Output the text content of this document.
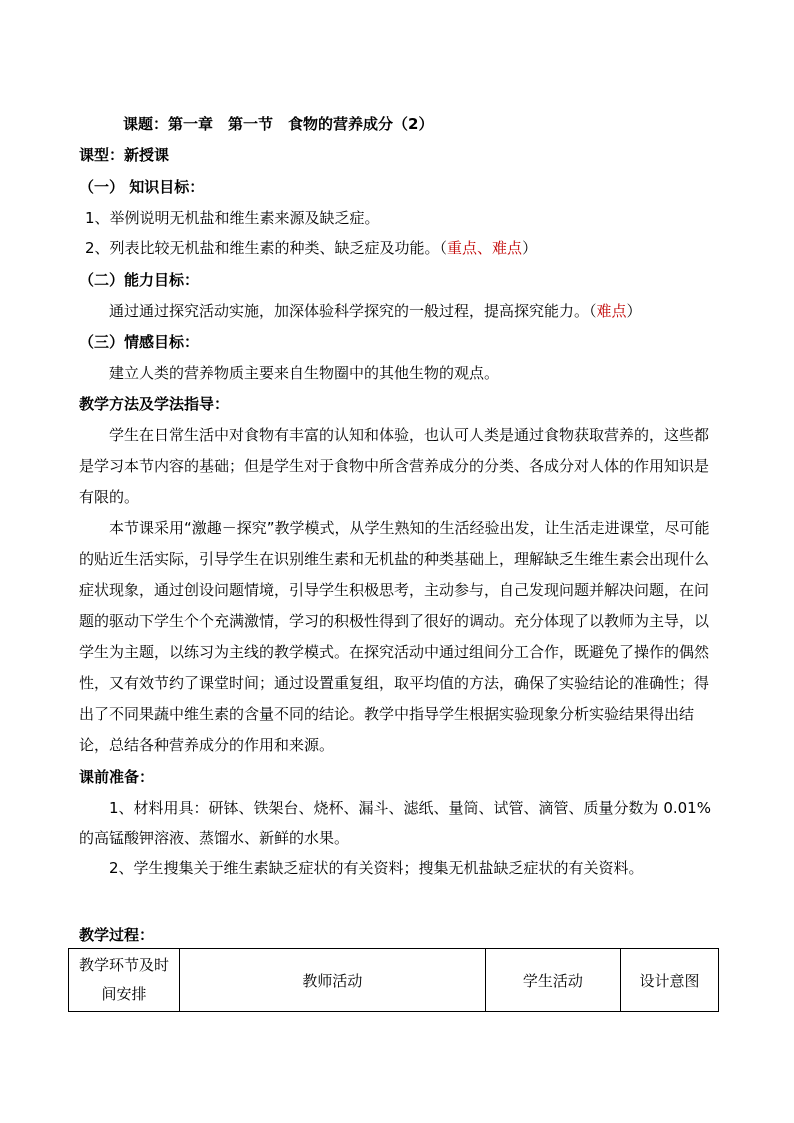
课题：第一章　第一节　食物的营养成分（2）
课型：新授课
（一） 知识目标：
1、举例说明无机盐和维生素来源及缺乏症。
2、列表比较无机盐和维生素的种类、缺乏症及功能。（重点、难点）
（二）能力目标：
通过通过探究活动实施，加深体验科学探究的一般过程，提高探究能力。（难点）
（三）情感目标：
建立人类的营养物质主要来自生物圈中的其他生物的观点。
教学方法及学法指导：

学生在日常生活中对食物有丰富的认知和体验，也认可人类是通过食物获取营养的，这些都是学习本节内容的基础；但是学生对于食物中所含营养成分的分类、各成分对人体的作用知识是有限的。

本节课采用“激趣－探究”教学模式，从学生熟知的生活经验出发，让生活走进课堂，尽可能的贴近生活实际，引导学生在识别维生素和无机盐的种类基础上，理解缺乏生维生素会出现什么症状现象，通过创设问题情境，引导学生积极思考，主动参与，自己发现问题并解决问题，在问题的驱动下学生个个充满激情，学习的积极性得到了很好的调动。充分体现了以教师为主导，以学生为主题，以练习为主线的教学模式。在探究活动中通过组间分工合作，既避免了操作的偶然性，又有效节约了课堂时间；通过设置重复组，取平均值的方法，确保了实验结论的准确性；得出了不同果蔬中维生素的含量不同的结论。教学中指导学生根据实验现象分析实验结果得出结论，总结各种营养成分的作用和来源。

课前准备：

1、材料用具：研钵、铁架台、烧杯、漏斗、滤纸、量筒、试管、滴管、质量分数为 0.01%的高锰酸钾溶液、蒸馏水、新鲜的水果。

2、学生搜集关于维生素缺乏症状的有关资料；搜集无机盐缺乏症状的有关资料。

教学过程：
教学环节及时间安排	教师活动	学生活动	设计意图
